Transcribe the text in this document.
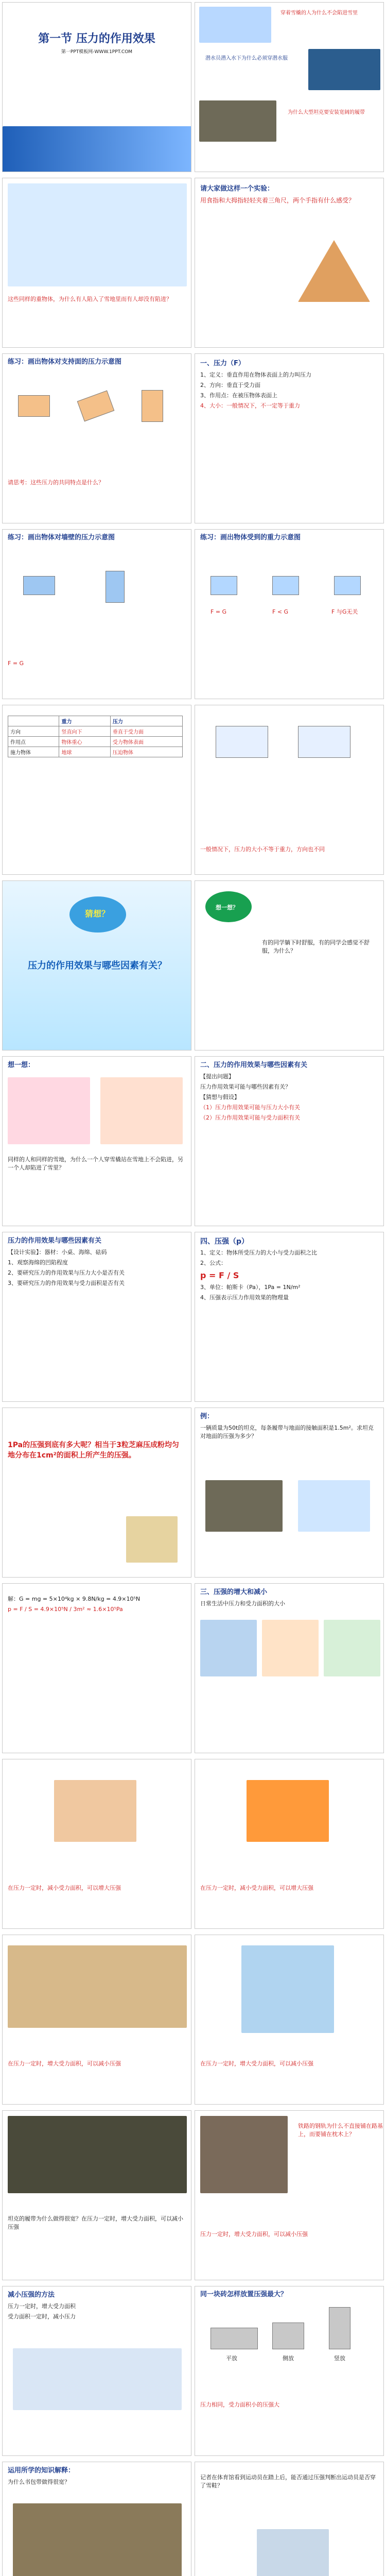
第一节 压力的作用效果
第一PPT模板网-WWW.1PPT.COM
穿着雪橇的人为什么不会陷进雪里
潜水员潜入水下为什么必须穿潜水服
为什么大型坦克要安装宽阔的履带
这些同样的重物体，为什么有人陷入了雪地里而有人却没有陷进？
请大家做这样一个实验：
用食指和大拇指轻轻夹着三角尺，两个手指有什么感受？
练习：画出物体对支持面的压力示意图
请思考：这些压力的共同特点是什么？
一、压力（F）
1、定义：垂直作用在物体表面上的力叫压力
2、方向：垂直于受力面
3、作用点：在被压物体表面上
4、大小：一般情况下，不一定等于重力
练习：画出物体对墙壁的压力示意图
F = G
练习：画出物体受到的重力示意图
F = G	F < G	F 与G无关
	重力	压力
方向	竖直向下	垂直于受力面
作用点	物体重心	受力物体表面
施力物体	地球	压迫物体
一般情况下，压力的大小不等于重力，方向也不同
猜想？
压力的作用效果与哪些因素有关？
想一想？
有的同学躺下时舒服，有的同学会感觉不舒服，为什么？
想一想：
同样的人和同样的雪地，为什么一个人穿雪橇站在雪地上不会陷进，另一个人却陷进了雪里？
二、压力的作用效果与哪些因素有关
【提出问题】
压力作用效果可能与哪些因素有关？
【猜想与假设】
（1）压力作用效果可能与压力大小有关
（2）压力作用效果可能与受力面积有关
压力的作用效果与哪些因素有关
【设计实验】：器材：小桌、海绵、砝码
1、观察海绵的凹陷程度
2、要研究压力的作用效果与压力大小是否有关
3、要研究压力的作用效果与受力面积是否有关
四、压强（p）
1、定义：物体所受压力的大小与受力面积之比
2、公式：
p = F / S
3、单位：帕斯卡（Pa），1Pa = 1N/m²
4、压强表示压力作用效果的物理量
1Pa的压强到底有多大呢？相当于3粒芝麻压成粉均匀地分布在1cm²的面积上所产生的压强。
例：
一辆质量为50t的坦克，每条履带与地面的接触面积是1.5m²。求坦克对地面的压强为多少？
解：G = mg = 5×10⁴kg × 9.8N/kg = 4.9×10⁵N
p = F / S = 4.9×10⁵N / 3m² ≈ 1.6×10⁵Pa
三、压强的增大和减小
日常生活中压力和受力面积的大小
在压力一定时，减小受力面积，可以增大压强	在压力一定时，减小受力面积，可以增大压强
在压力一定时，增大受力面积，可以减小压强	在压力一定时，增大受力面积，可以减小压强
坦克的履带为什么做得很宽？在压力一定时，增大受力面积，可以减小压强
铁路的钢轨为什么不直接铺在路基上，而要铺在枕木上？
压力一定时，增大受力面积，可以减小压强
减小压强的方法
压力一定时，增大受力面积
受力面积一定时，减小压力
同一块砖怎样放置压强最大？
平放	侧放	竖放
压力相同，受力面积小的压强大
运用所学的知识解释：
为什么书包带做得很宽？
记者在体育馆看到运动员在踏上后，能否通过压强判断出运动员是否穿了雪鞋？
